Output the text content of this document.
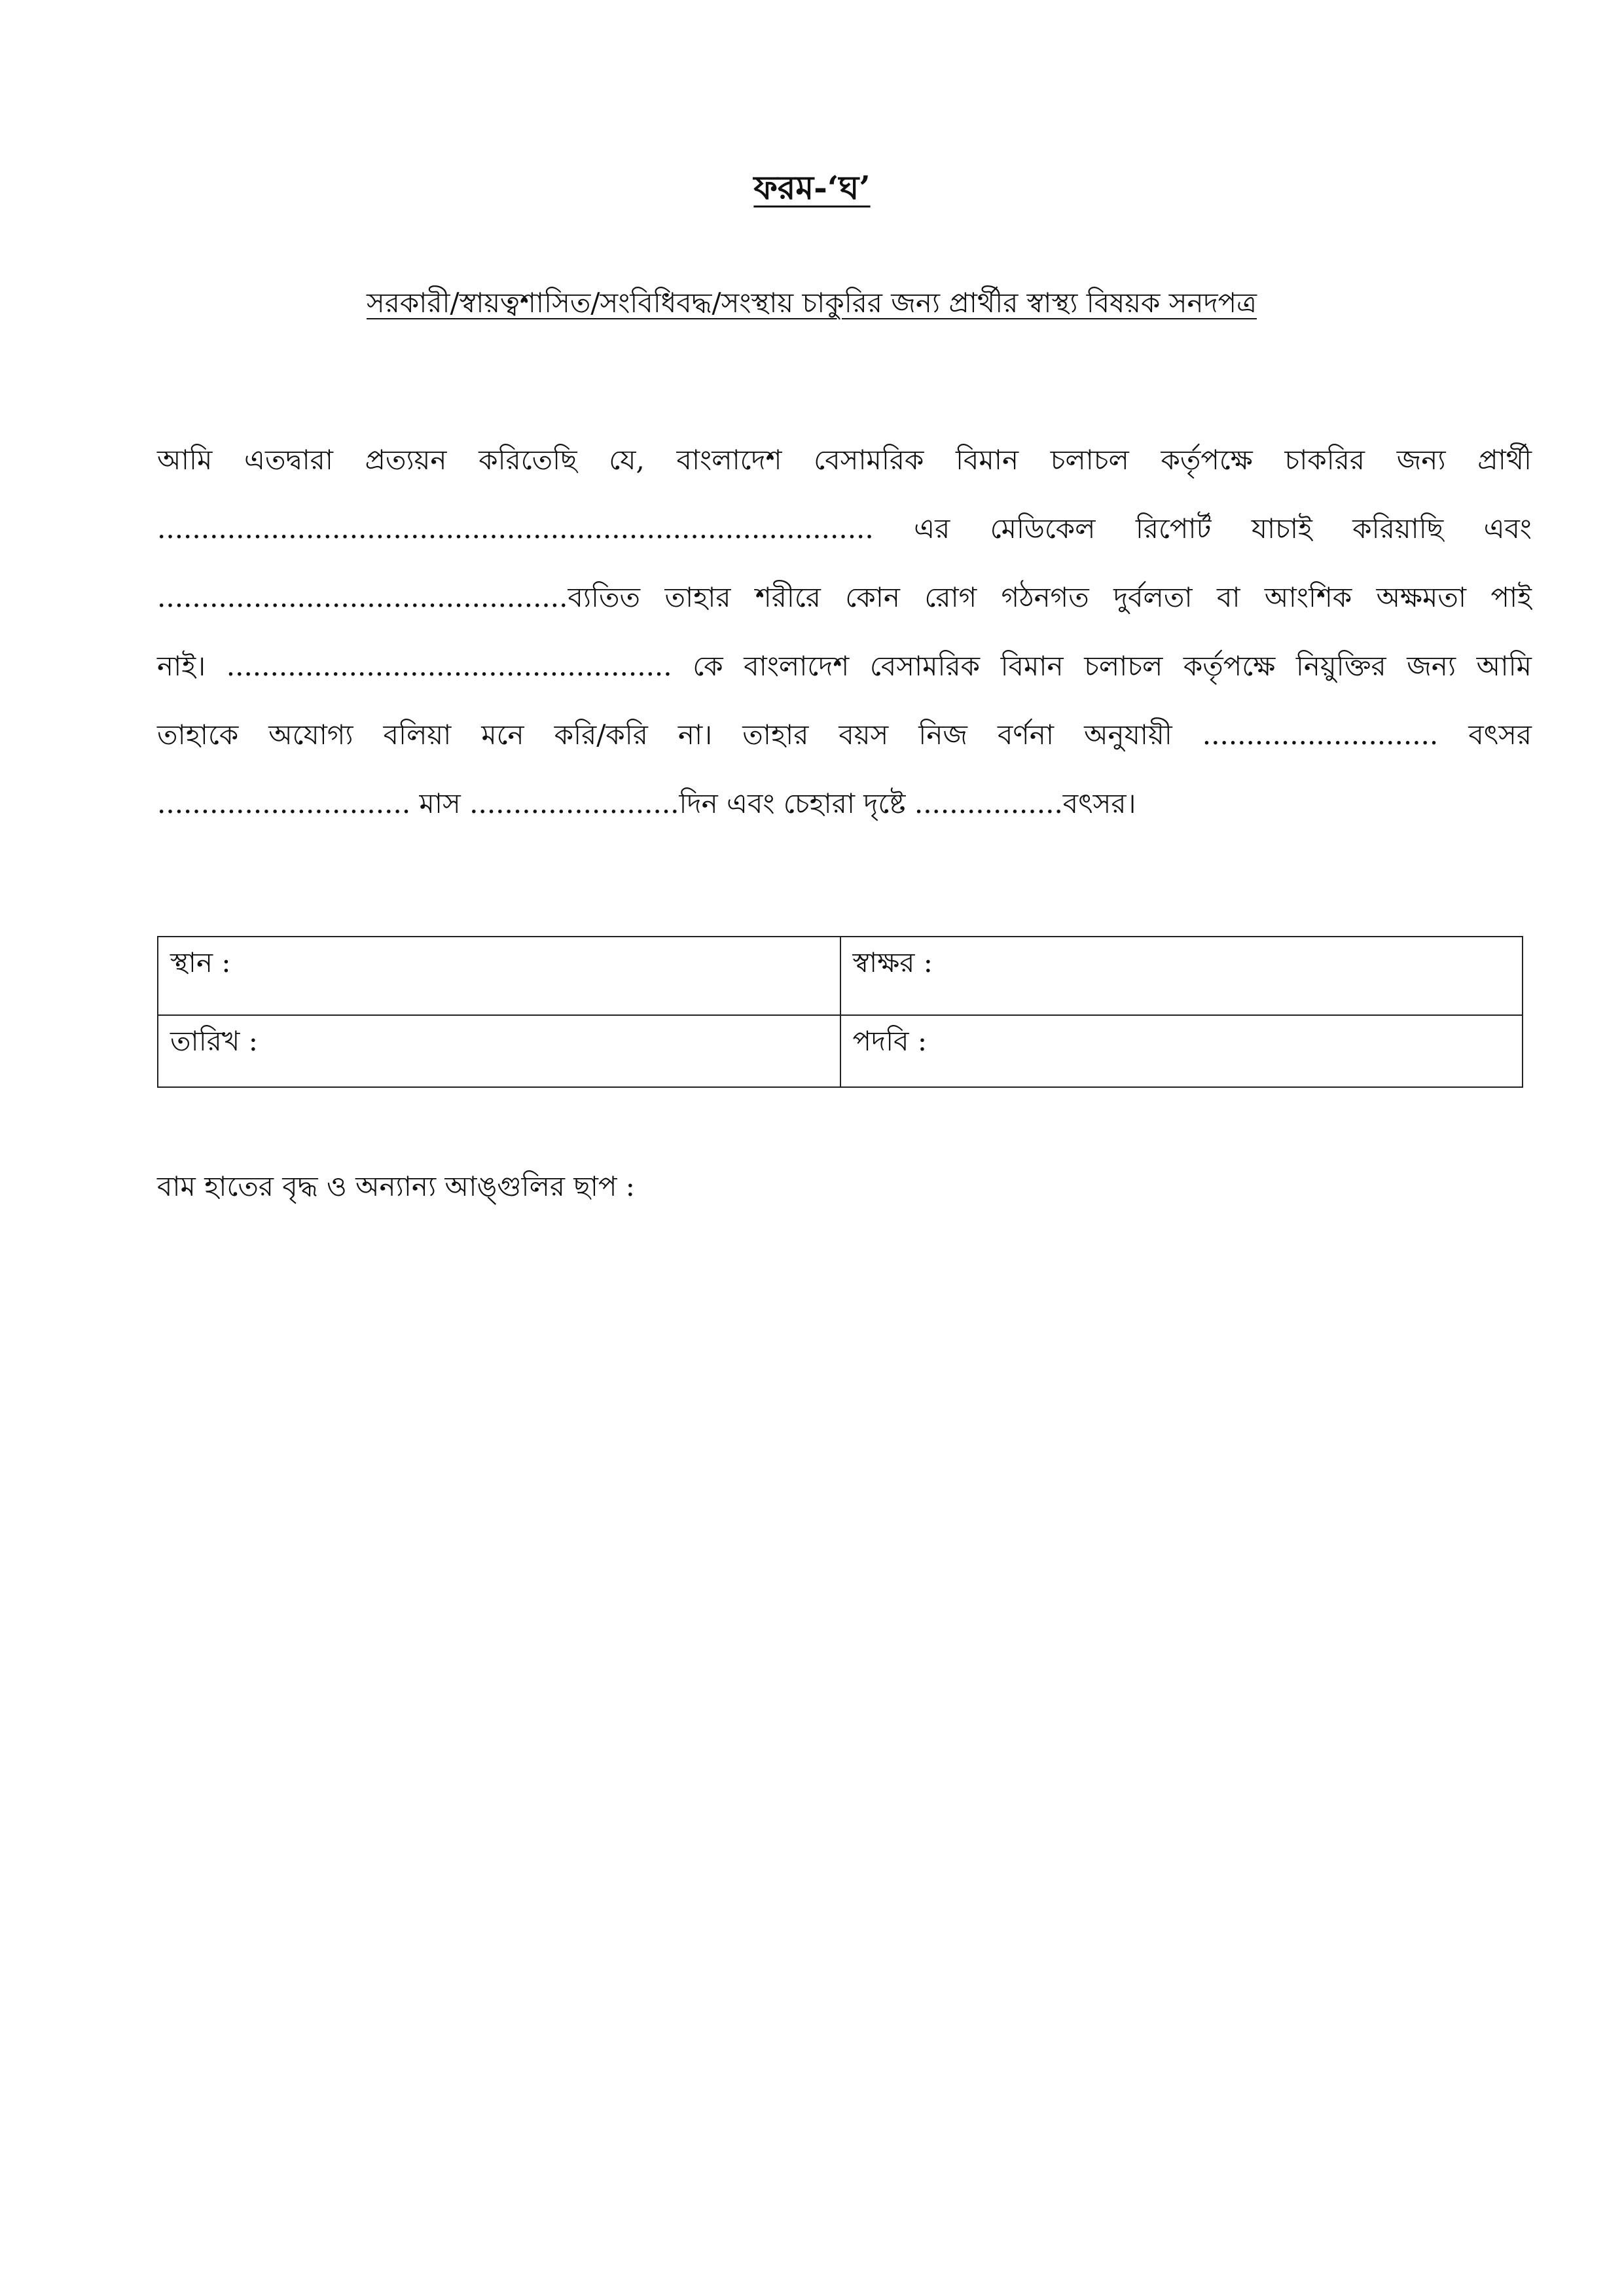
ফরম-‘ঘ’
সরকারী/স্বায়ত্বশাসিত/সংবিধিবদ্ধ/সংস্থায় চাকুরির জন্য প্রার্থীর স্বাস্থ্য বিষয়ক সনদপত্র
আমি এতদ্বারা প্রত্যয়ন করিতেছি যে, বাংলাদেশ বেসামরিক বিমান চলাচল কর্তৃপক্ষে চাকরির জন্য প্রার্থী
.................................................................................. এর মেডিকেল রিপোর্ট যাচাই করিয়াছি এবং
...............................................ব্যতিত তাহার শরীরে কোন রোগ গঠনগত দুর্বলতা বা আংশিক অক্ষমতা পাই
নাই। ................................................... কে বাংলাদেশ বেসামরিক বিমান চলাচল কর্তৃপক্ষে নিয়ুক্তির জন্য আমি
তাহাকে অযোগ্য বলিয়া মনে করি/করি না। তাহার বয়স নিজ বর্ণনা অনুযায়ী ........................... বৎসর
............................. মাস ........................দিন এবং চেহারা দৃষ্টে .................বৎসর।
স্থান :	স্বাক্ষর :
তারিখ :	পদবি :

বাম হাতের বৃদ্ধ ও অন্যান্য আঙ্গুলির ছাপ :
